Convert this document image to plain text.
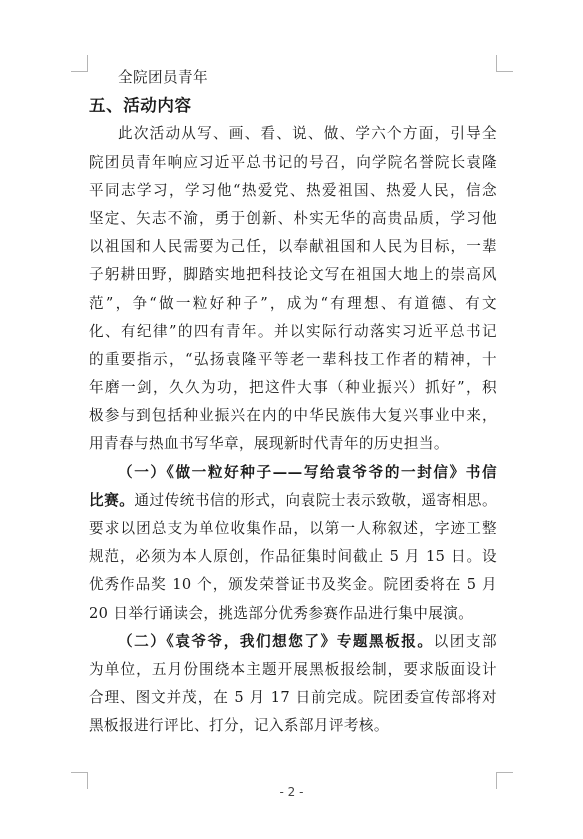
全院团员青年
五、活动内容
此次活动从写、画、看、说、做、学六个方面，引导全
院团员青年响应习近平总书记的号召，向学院名誉院长袁隆
平同志学习，学习他“热爱党、热爱祖国、热爱人民，信念
坚定、矢志不渝，勇于创新、朴实无华的高贵品质，学习他
以祖国和人民需要为己任，以奉献祖国和人民为目标，一辈
子躬耕田野，脚踏实地把科技论文写在祖国大地上的崇高风
范”，争“做一粒好种子”，成为“有理想、有道德、有文
化、有纪律”的四有青年。并以实际行动落实习近平总书记
的重要指示，“弘扬袁隆平等老一辈科技工作者的精神，十
年磨一剑，久久为功，把这件大事（种业振兴）抓好”，积
极参与到包括种业振兴在内的中华民族伟大复兴事业中来，
用青春与热血书写华章，展现新时代青年的历史担当。
（一）《做一粒好种子——写给袁爷爷的一封信》书信
比赛。通过传统书信的形式，向袁院士表示致敬，遥寄相思。
要求以团总支为单位收集作品，以第一人称叙述，字迹工整
规范，必须为本人原创，作品征集时间截止 5 月 15 日。设
优秀作品奖 10 个，颁发荣誉证书及奖金。院团委将在 5 月
20 日举行诵读会，挑选部分优秀参赛作品进行集中展演。
（二）《袁爷爷，我们想您了》专题黑板报。以团支部
为单位，五月份围绕本主题开展黑板报绘制，要求版面设计
合理、图文并茂，在 5 月 17 日前完成。院团委宣传部将对
黑板报进行评比、打分，记入系部月评考核。
- 2 -
